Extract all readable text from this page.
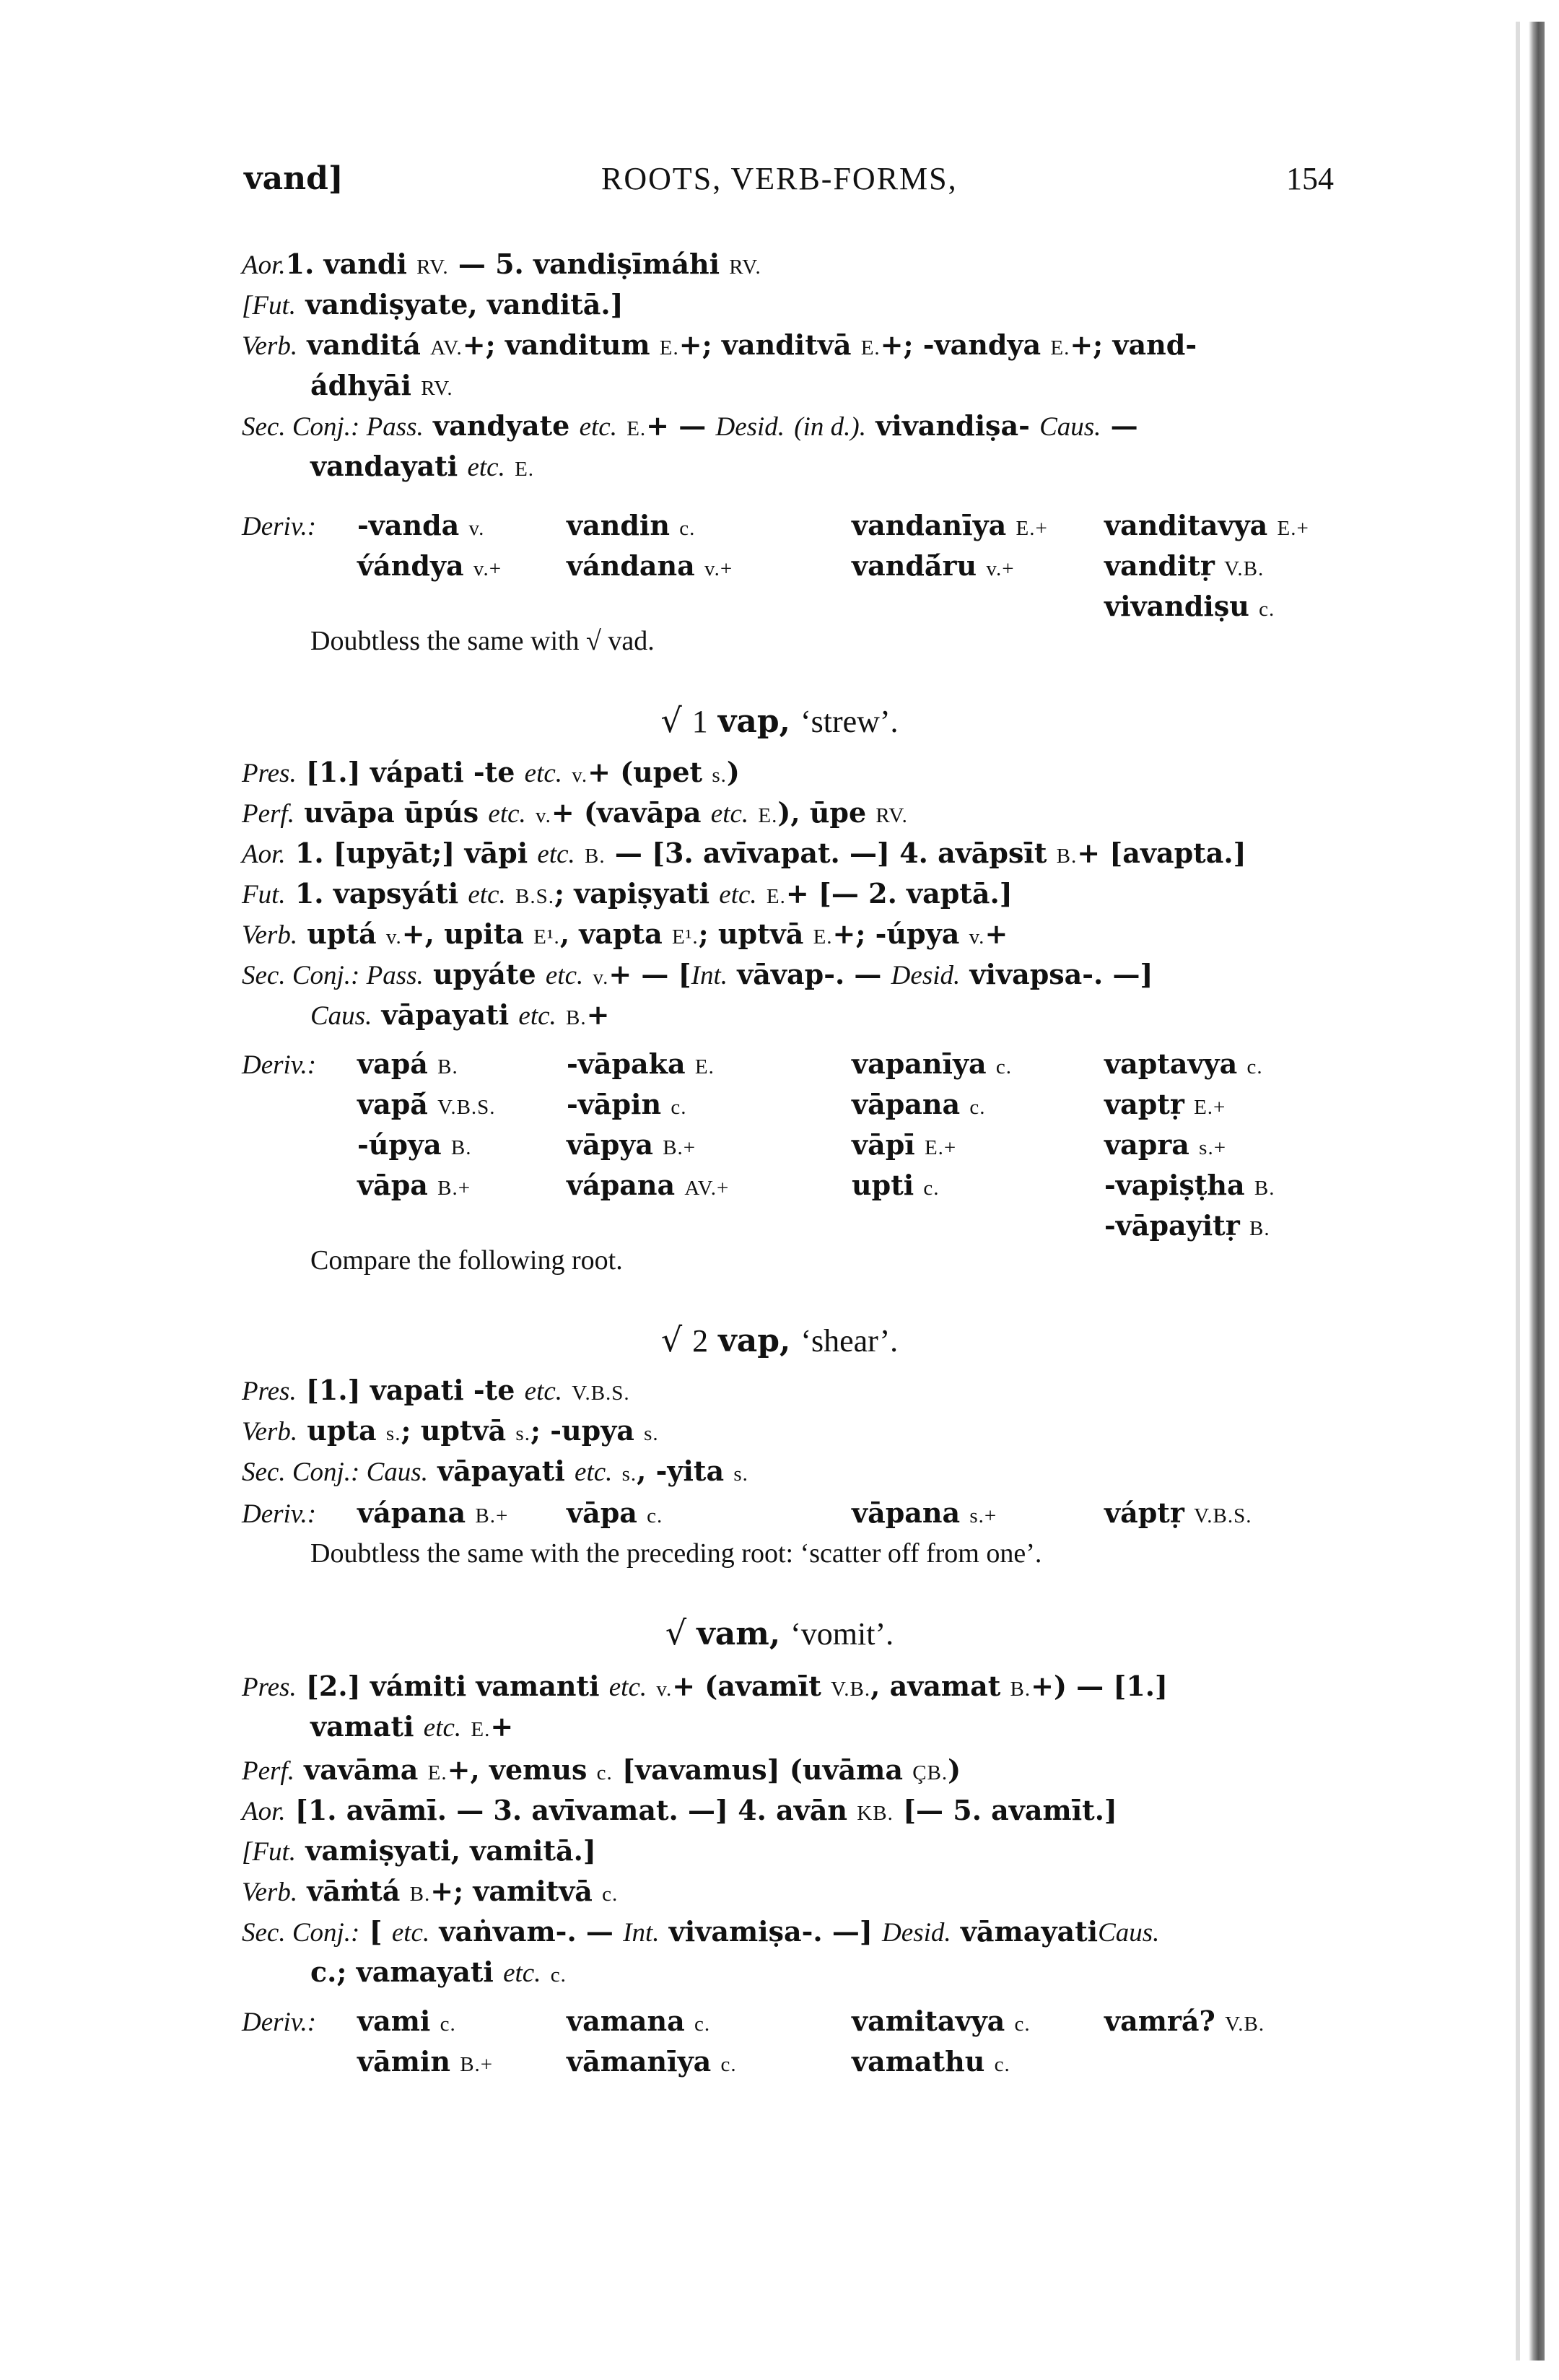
vand]	ROOTS, VERB-FORMS,	154
Aor.1. vandi RV. — 5. vandiṣīmáhi RV.
[Fut. vandiṣyate, vanditā.]
Verb. vanditá AV.+; vanditum E.+; vanditvā E.+; -vandya E.+; vand-
ádhyāi RV.
Sec. Conj.: Pass. vandyate etc. E.+ — Desid. (in d.). vivandiṣa- Caus. —
vandayati etc. E.
Deriv.: -vanda v.	vandin c.	vandanīya E.+ vanditavya E.+
v́ándya v.+ vándana v.+	vandā́ru v.+	vanditṛ V.B.
vivandiṣu c.
Doubtless the same with √ vad.
√ 1 vap, ‘strew’.
Pres. [1.] vápati -te etc. v.+ (upet s.)
Perf. uvāpa ūpús etc. v.+ (vavāpa etc. E.), ūpe RV.
Aor. 1. [upyāt;] vāpi etc. B. — [3. avīvapat. —] 4. avāpsīt B.+ [avapta.]
Fut. 1. vapsyáti etc. B.S.; vapiṣyati etc. E.+ [— 2. vaptā.]
Verb. uptá v.+, upita E¹., vapta E¹.; uptvā E.+; -úpya v.+
Sec. Conj.: Pass. upyáte etc. v.+ — [Int. vāvap-. — Desid. vivapsa-. —]
Caus. vāpayati etc. B.+
Deriv.: vapá B.	-vāpaka E.	vapanīya c.	vaptavya c.
vapā́ V.B.S.	-vāpin c.	vāpana c.	vaptṛ E.+
-úpya B.	vāpya B.+	vāpī E.+	vapra s.+
vāpa B.+	vápana AV.+	upti c.	-vapiṣṭha B.
-vāpayitṛ B.
Compare the following root.
√ 2 vap, ‘shear’.
Pres. [1.] vapati -te etc. V.B.S.
Verb. upta s.; uptvā s.; -upya s.
Sec. Conj.: Caus. vāpayati etc. s., -yita s.
Deriv.: vápana B.+ vāpa c.	vāpana s.+	váptṛ V.B.S.
Doubtless the same with the preceding root: ‘scatter off from one’.
√ vam, ‘vomit’.
Pres. [2.] vámiti vamanti etc. v.+ (avamīt V.B., avamat B.+) — [1.]
vamati etc. E.+
Perf. vavāma E.+, vemus c. [vavamus] (uvāma ÇB.)
Aor. [1. avāmī. — 3. avīvamat. —] 4. avān KB. [— 5. avamīt.]
[Fut. vamiṣyati, vamitā.]
Verb. vāṁtá B.+; vamitvā c.
Sec. Conj.: [ etc. vaṅvam-. — Int. vivamiṣa-. —] Desid. vāmayatiCaus.
c.; vamayati etc. c.
Deriv.: vami c.	vamana c.	vamitavya c.	vamrá? V.B.
vāmin B.+	vāmanīya c.	vamathu c.
